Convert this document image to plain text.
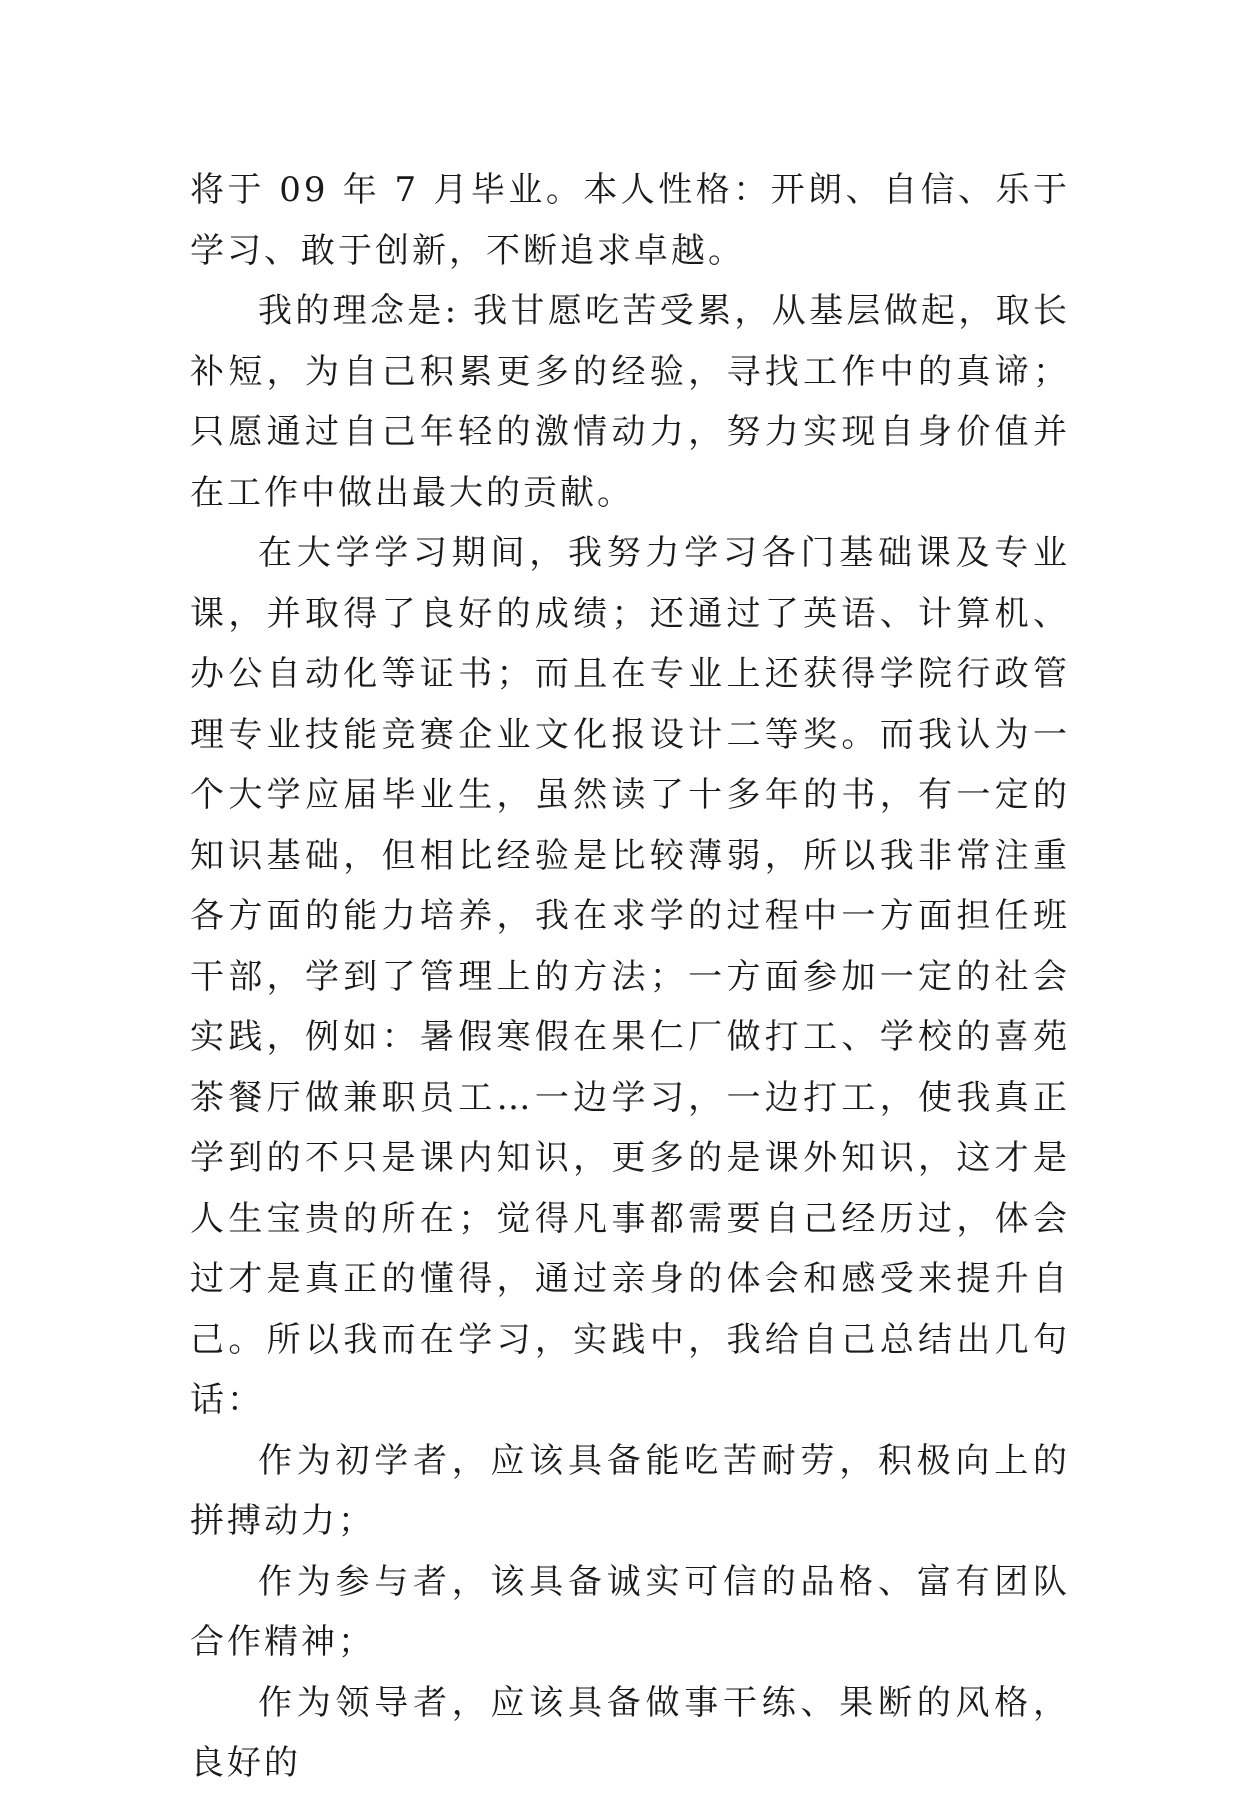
将于 09 年 7 月毕业。本人性格：开朗、自信、乐于学习、敢于创新，不断追求卓越。

我的理念是: 我甘愿吃苦受累，从基层做起，取长补短，为自己积累更多的经验，寻找工作中的真谛；只愿通过自己年轻的激情动力，努力实现自身价值并在工作中做出最大的贡献。

在大学学习期间，我努力学习各门基础课及专业课，并取得了良好的成绩；还通过了英语、计算机、办公自动化等证书；而且在专业上还获得学院行政管理专业技能竞赛企业文化报设计二等奖。而我认为一个大学应届毕业生，虽然读了十多年的书，有一定的知识基础，但相比经验是比较薄弱，所以我非常注重各方面的能力培养，我在求学的过程中一方面担任班干部，学到了管理上的方法；一方面参加一定的社会实践，例如：暑假寒假在果仁厂做打工、学校的喜苑茶餐厅做兼职员工…一边学习，一边打工，使我真正学到的不只是课内知识，更多的是课外知识，这才是人生宝贵的所在；觉得凡事都需要自己经历过，体会过才是真正的懂得，通过亲身的体会和感受来提升自己。所以我而在学习，实践中，我给自己总结出几句话：

作为初学者，应该具备能吃苦耐劳，积极向上的拼搏动力；

作为参与者，该具备诚实可信的品格、富有团队合作精神；

作为领导者，应该具备做事干练、果断的风格，良好的
